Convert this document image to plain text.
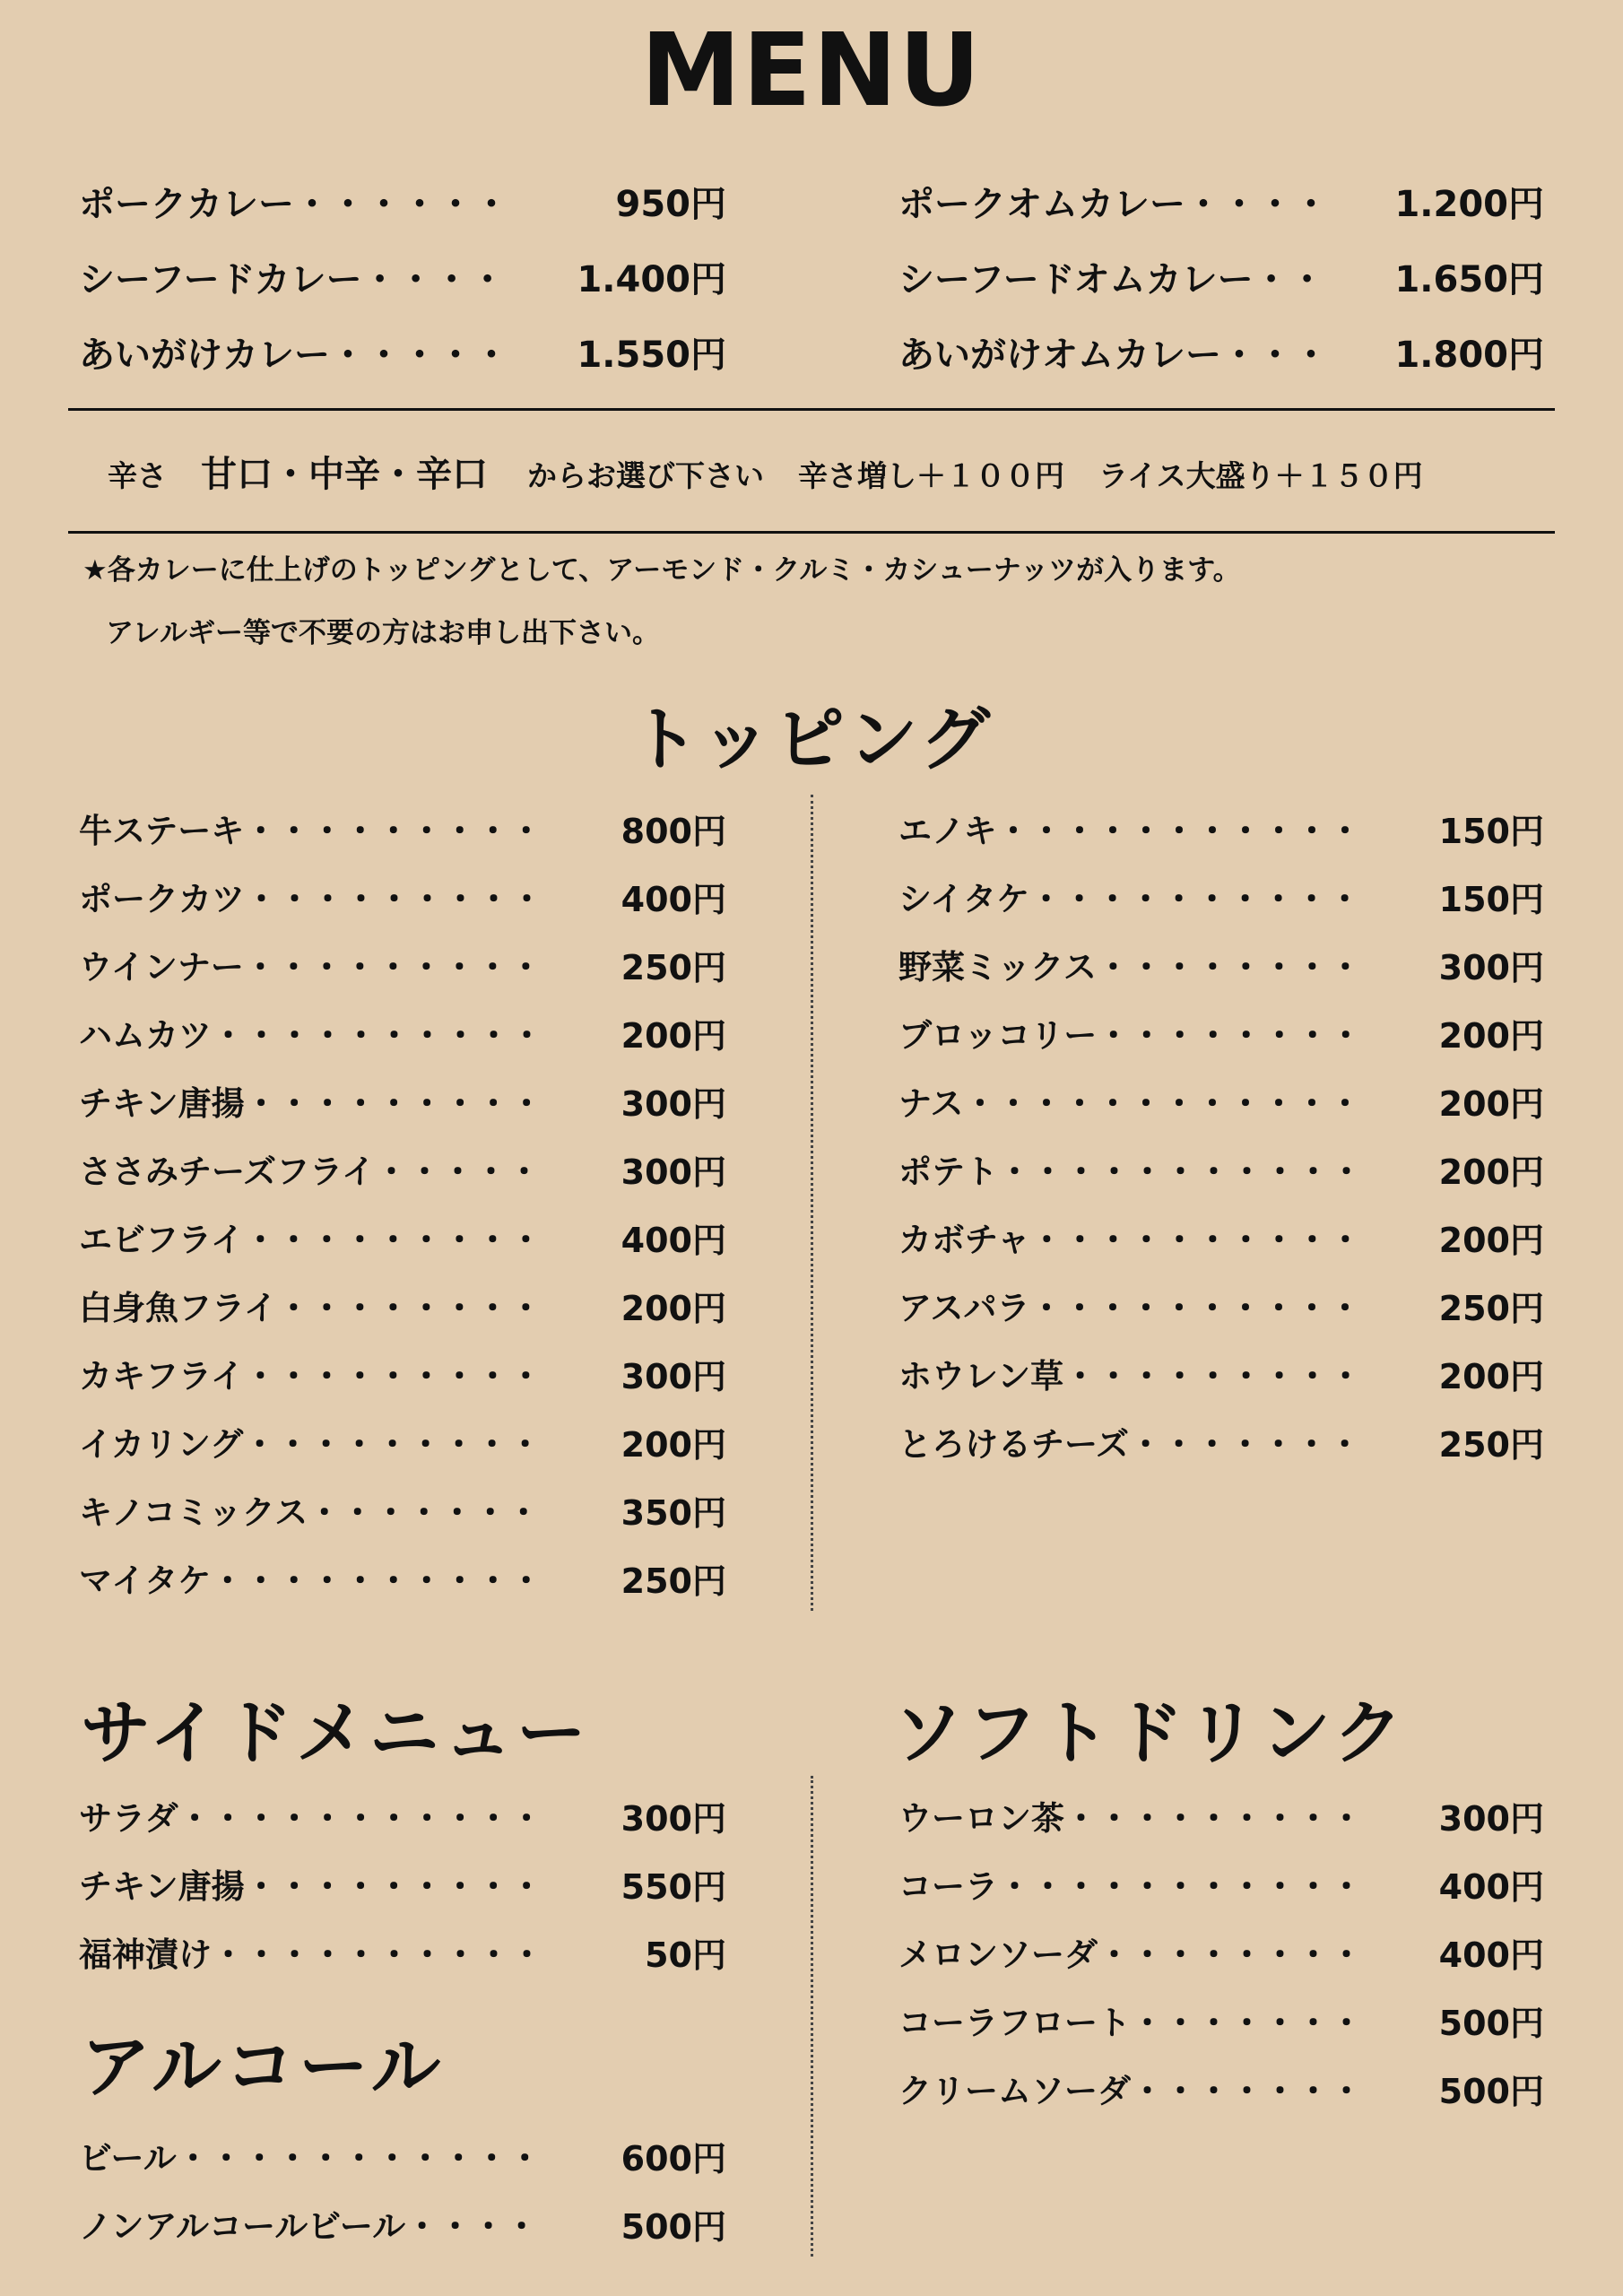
MENU
ポークカレー・・・・・・	950円
シーフードカレー・・・・	1.400円
あいがけカレー・・・・・	1.550円
ポークオムカレー・・・・	1.200円
シーフードオムカレー・・	1.650円
あいがけオムカレー・・・	1.800円
辛さ 甘口・中辛・辛口 からお選び下さい 辛さ増し＋１００円 ライス大盛り＋１５０円
★各カレーに仕上げのトッピングとして、アーモンド・クルミ・カシューナッツが入ります。
アレルギー等で不要の方はお申し出下さい。
トッピング
牛ステーキ・・・・・・・・・	800円
ポークカツ・・・・・・・・・	400円
ウインナー・・・・・・・・・	250円
ハムカツ・・・・・・・・・・	200円
チキン唐揚・・・・・・・・・	300円
ささみチーズフライ・・・・・	300円
エビフライ・・・・・・・・・	400円
白身魚フライ・・・・・・・・	200円
カキフライ・・・・・・・・・	300円
イカリング・・・・・・・・・	200円
キノコミックス・・・・・・・	350円
マイタケ・・・・・・・・・・	250円
エノキ・・・・・・・・・・・	150円
シイタケ・・・・・・・・・・	150円
野菜ミックス・・・・・・・・	300円
ブロッコリー・・・・・・・・	200円
ナス・・・・・・・・・・・・	200円
ポテト・・・・・・・・・・・	200円
カボチャ・・・・・・・・・・	200円
アスパラ・・・・・・・・・・	250円
ホウレン草・・・・・・・・・	200円
とろけるチーズ・・・・・・・	250円
サイドメニュー	ソフトドリンク
サラダ・・・・・・・・・・・	300円
チキン唐揚・・・・・・・・・	550円
福神漬け・・・・・・・・・・	50円
アルコール
ビール・・・・・・・・・・・	600円
ノンアルコールビール・・・・	500円
ウーロン茶・・・・・・・・・	300円
コーラ・・・・・・・・・・・	400円
メロンソーダ・・・・・・・・	400円
コーラフロート・・・・・・・	500円
クリームソーダ・・・・・・・	500円
